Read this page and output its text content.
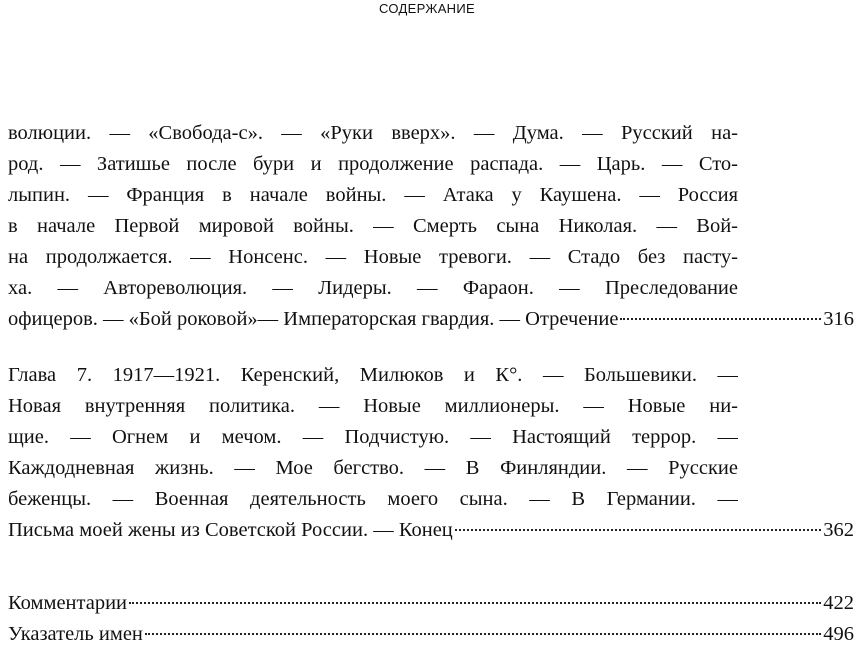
СОДЕРЖАНИЕ
волюции. — «Свобода-с». — «Руки вверх». — Дума. — Русский на-
род. — Затишье после бури и продолжение распада. — Царь. — Сто-
лыпин. — Франция в начале войны. — Атака у Каушена. — Россия
в начале Первой мировой войны. — Смерть сына Николая. — Вой-
на продолжается. — Нонсенс. — Новые тревоги. — Стадо без пасту-
ха. — Автореволюция. — Лидеры. — Фараон. — Преследование
офицеров. — «Бой роковой»— Императорская гвардия. — Отречение	316
Глава 7. 1917—1921. Керенский, Милюков и К°. — Большевики. —
Новая внутренняя политика. — Новые миллионеры. — Новые ни-
щие. — Огнем и мечом. — Подчистую. — Настоящий террор. —
Каждодневная жизнь. — Мое бегство. — В Финляндии. — Русские
беженцы. — Военная деятельность моего сына. — В Германии. —
Письма моей жены из Советской России. — Конец	362
Комментарии	422
Указатель имен	496
